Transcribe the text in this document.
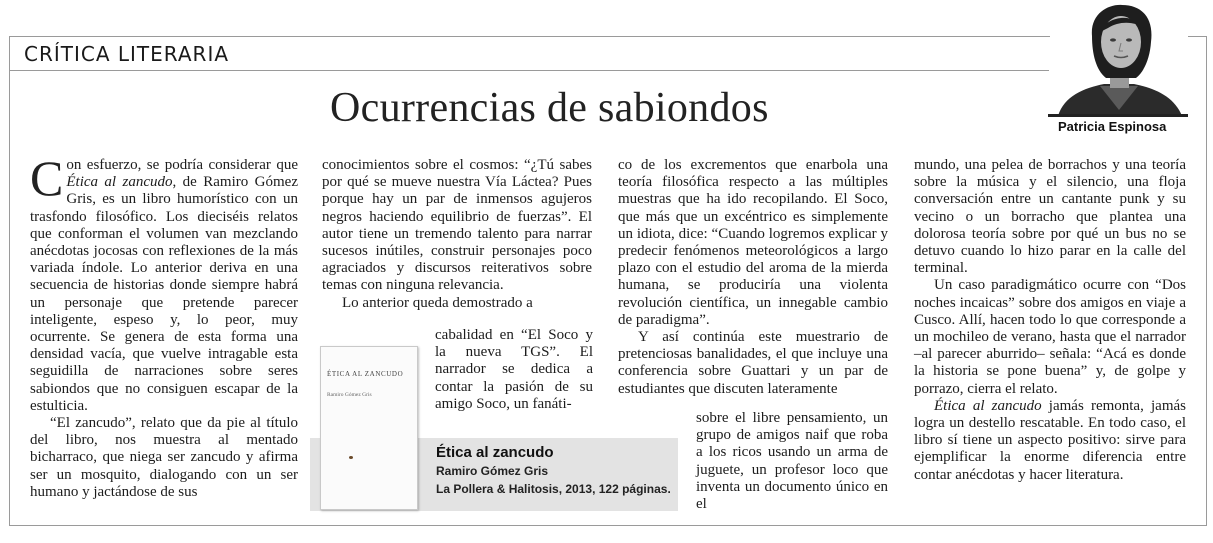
CRÍTICA LITERARIA

Patricia Espinosa

Ocurrencias de sabiondos

Con esfuerzo, se podría considerar que Ética al zancudo, de Ramiro Gómez Gris, es un libro humorístico con un trasfondo filosófico. Los dieciséis relatos que conforman el volumen van mezclando anécdotas jocosas con reflexiones de la más variada índole. Lo anterior deriva en una secuencia de historias donde siempre habrá un personaje que pretende parecer inteligente, espeso y, lo peor, muy ocurrente. Se genera de esta forma una densidad vacía, que vuelve intragable esta seguidilla de narraciones sobre seres sabiondos que no consiguen escapar de la estulticia.

“El zancudo”, relato que da pie al título del libro, nos muestra al mentado bicharraco, que niega ser zancudo y afirma ser un mosquito, dialogando con un ser humano y jactándose de sus

conocimientos sobre el cosmos: “¿Tú sabes por qué se mueve nuestra Vía Láctea? Pues porque hay un par de inmensos agujeros negros haciendo equilibrio de fuerzas”. El autor tiene un tremendo talento para narrar sucesos inútiles, construir personajes poco agraciados y discursos reiterativos sobre temas con ninguna relevancia.

Lo anterior queda demostrado a

cabalidad en “El Soco y la nueva TGS”. El narrador se dedica a contar la pasión de su amigo Soco, un fanáti-

co de los excrementos que enarbola una teoría filosófica respecto a las múltiples muestras que ha ido recopilando. El Soco, que más que un excéntrico es simplemente un idiota, dice: “Cuando logremos explicar y predecir fenómenos meteorológicos a largo plazo con el estudio del aroma de la mierda humana, se produciría una violenta revolución científica, un innegable cambio de paradigma”.

Y así continúa este muestrario de pretenciosas banalidades, el que incluye una conferencia sobre Guattari y un par de estudiantes que discuten lateramente

sobre el libre pensamiento, un grupo de amigos naif que roba a los ricos usando un arma de juguete, un profesor loco que inventa un documento único en el

mundo, una pelea de borrachos y una teoría sobre la música y el silencio, una floja conversación entre un cantante punk y su vecino o un borracho que plantea una dolorosa teoría sobre por qué un bus no se detuvo cuando lo hizo parar en la calle del terminal.

Un caso paradigmático ocurre con “Dos noches incaicas” sobre dos amigos en viaje a Cusco. Allí, hacen todo lo que corresponde a un mochileo de verano, hasta que el narrador –al parecer aburrido– señala: “Acá es donde la historia se pone buena” y, de golpe y porrazo, cierra el relato.

Ética al zancudo jamás remonta, jamás logra un destello rescatable. En todo caso, el libro sí tiene un aspecto positivo: sirve para ejemplificar la enorme diferencia entre contar anécdotas y hacer literatura.

ÉTICA AL ZANCUDO
Ramiro Gómez Gris
Ética al zancudo
Ramiro Gómez Gris
La Pollera & Halitosis, 2013, 122 páginas.
